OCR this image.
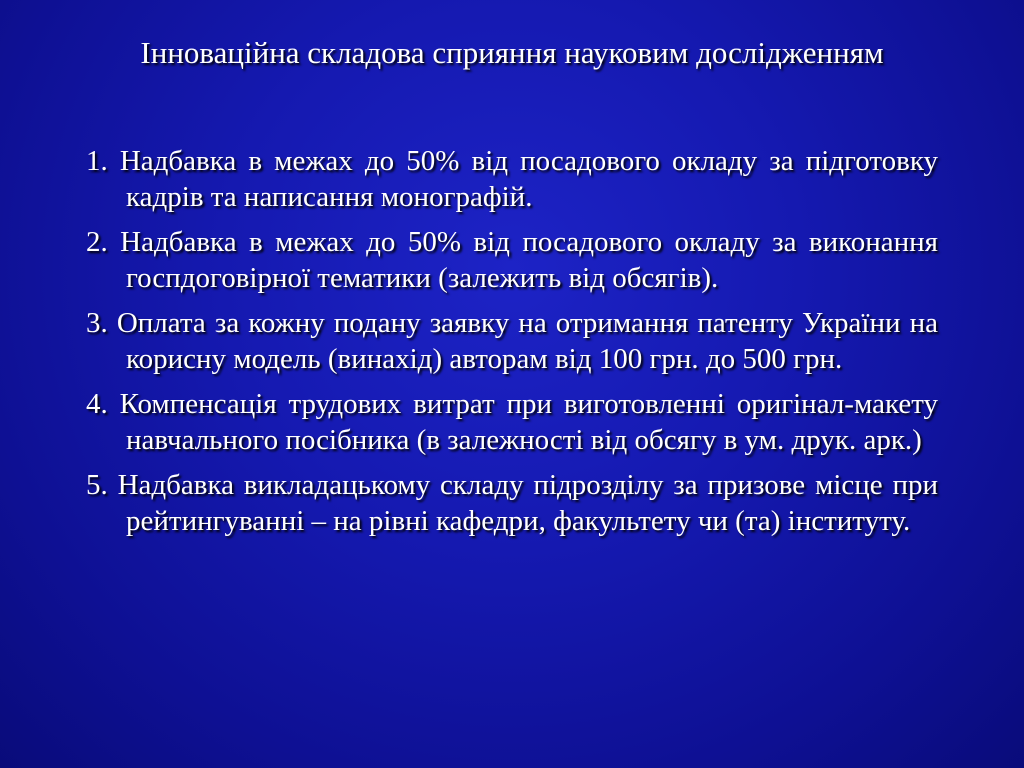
Інноваційна складова сприяння науковим дослідженням
1. Надбавка в межах до 50% від посадового окладу за підготовку кадрів та написання монографій.
2. Надбавка в межах до 50% від посадового окладу за виконання госпдоговірної тематики (залежить від обсягів).
3. Оплата за кожну подану заявку на отримання патенту України на корисну модель (винахід) авторам від 100 грн. до 500 грн.
4. Компенсація трудових витрат при виготовленні оригінал-макету навчального посібника (в залежності від обсягу в ум. друк. арк.)
5. Надбавка викладацькому складу підрозділу за призове місце при рейтингуванні – на рівні кафедри, факультету чи (та) інституту.
